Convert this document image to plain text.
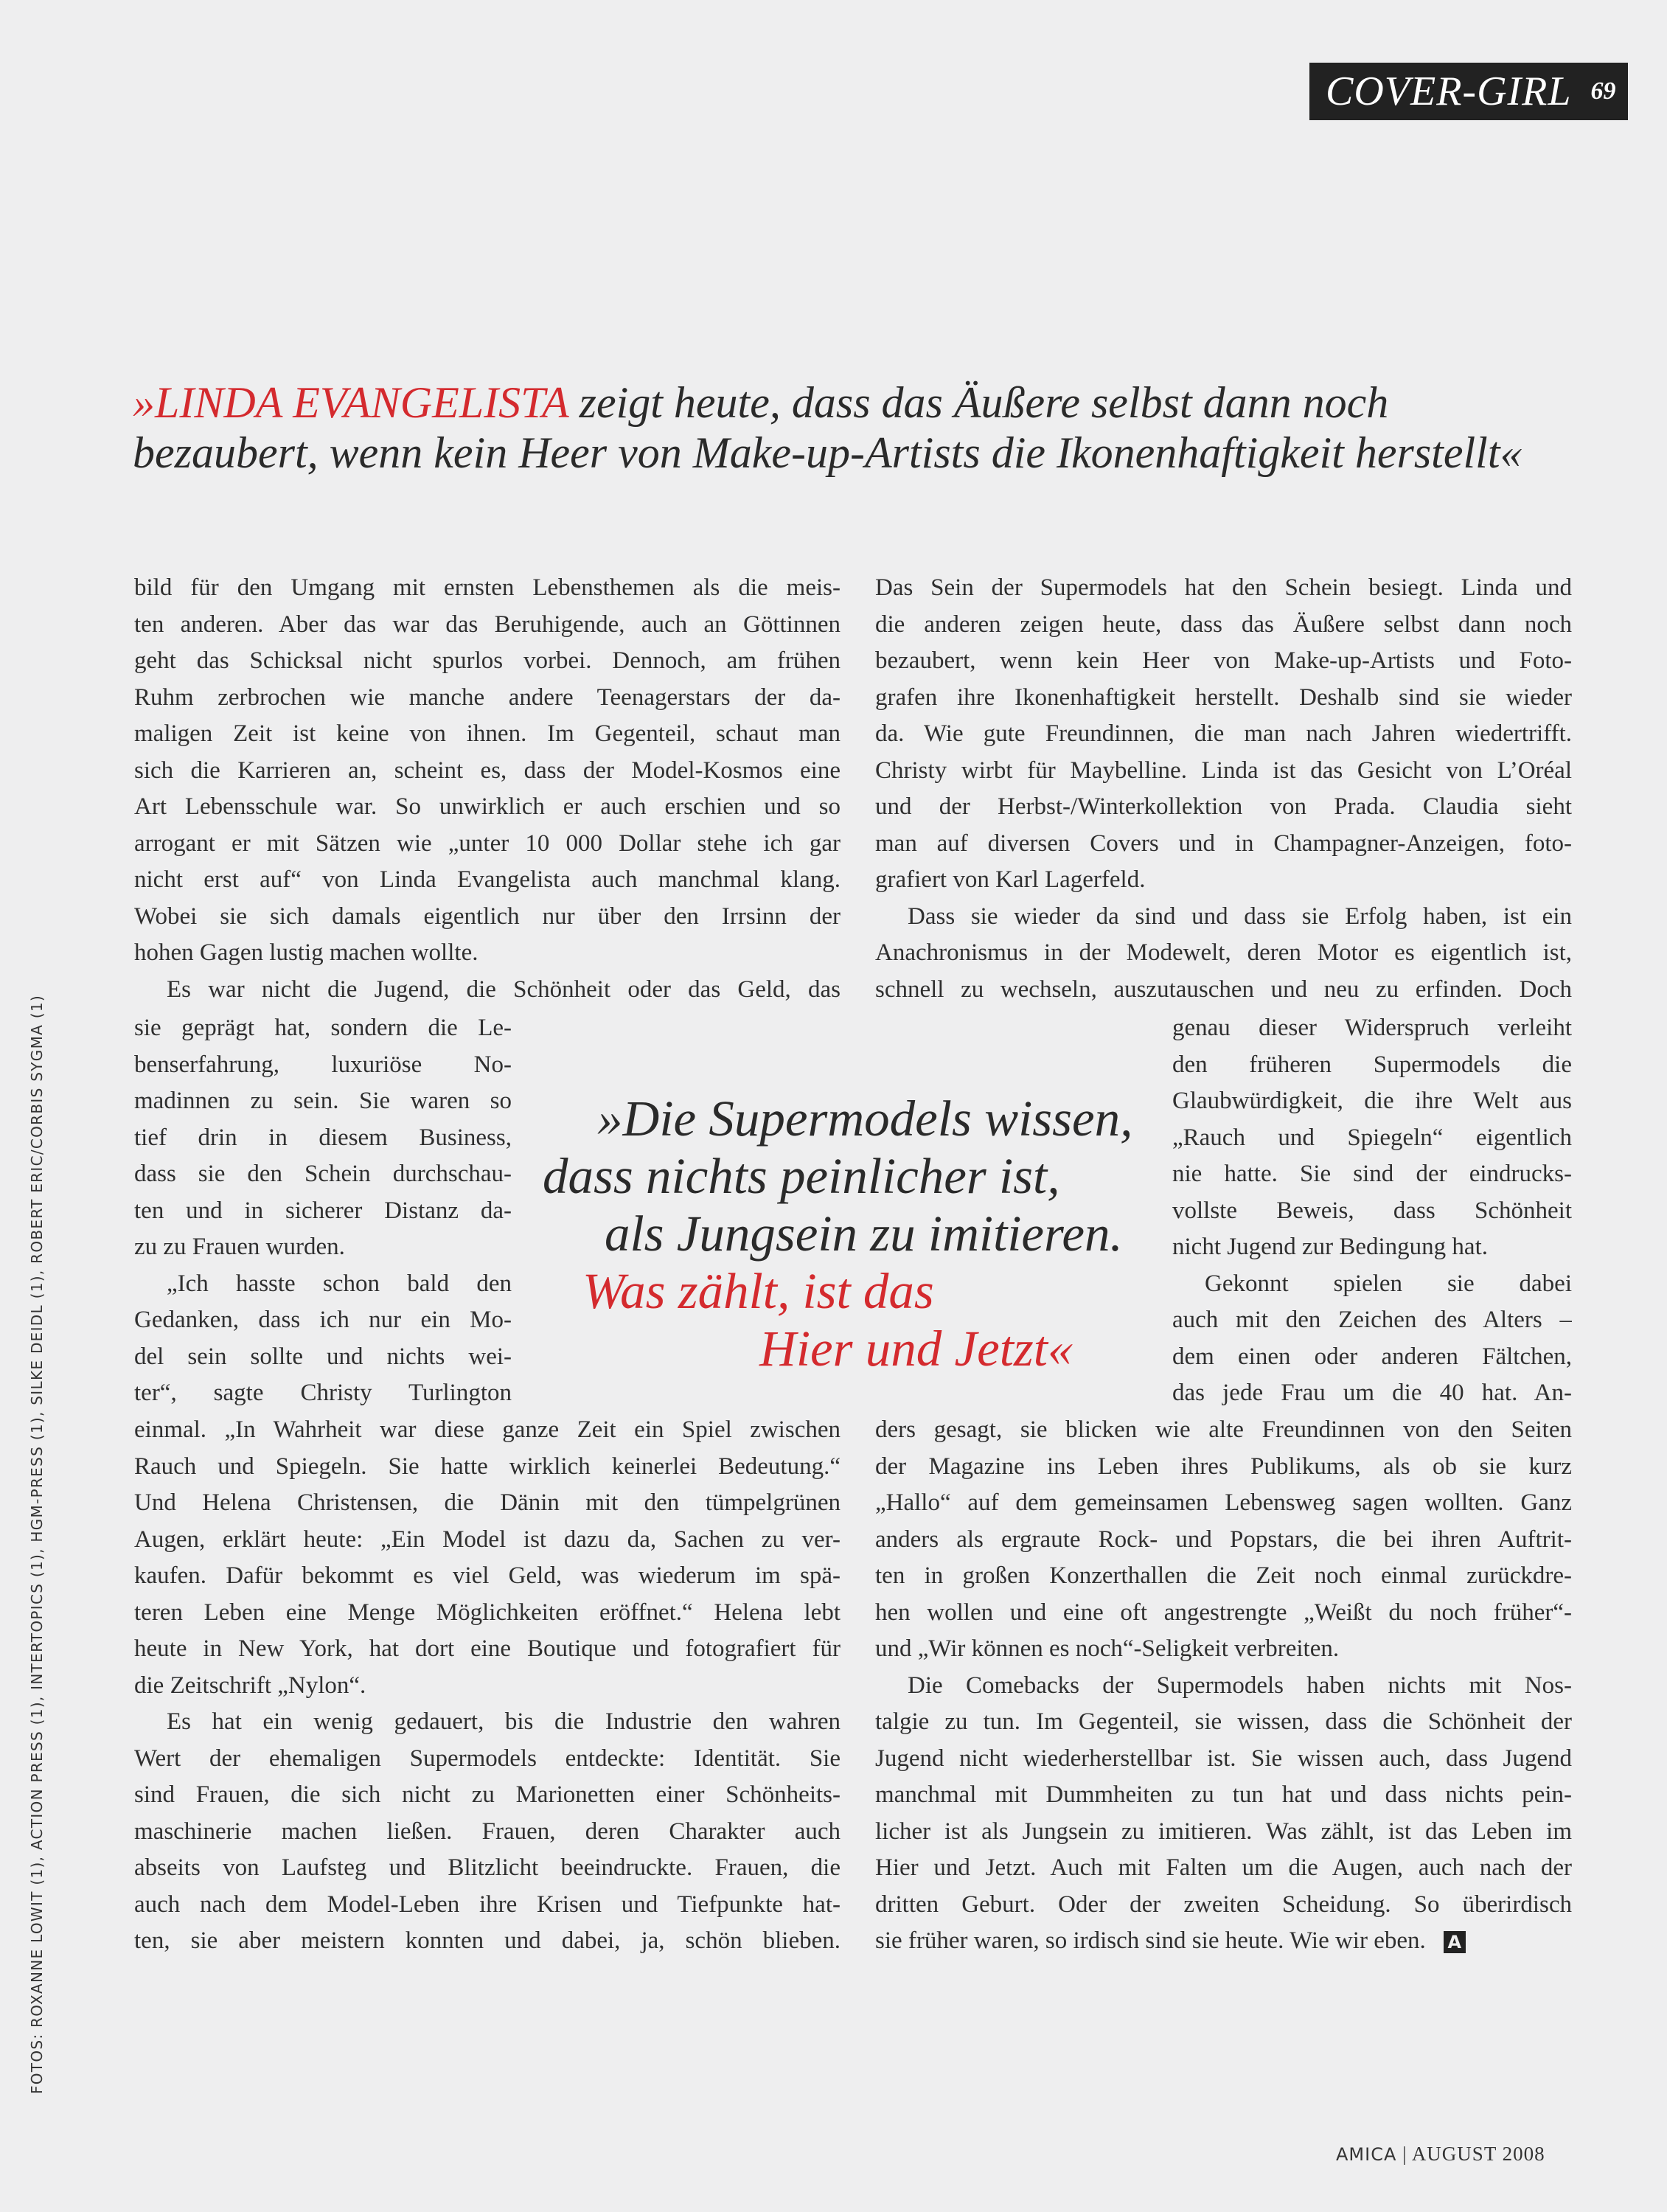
COVER-GIRL 69
»LINDA EVANGELISTA zeigt heute, dass das Äußere selbst dann noch
bezaubert, wenn kein Heer von Make-up-Artists die Ikonenhaftigkeit herstellt«
bild für den Umgang mit ernsten Lebensthemen als die meis-
ten anderen. Aber das war das Beruhigende, auch an Göttinnen
geht das Schicksal nicht spurlos vorbei. Dennoch, am frühen
Ruhm zerbrochen wie manche andere Teenagerstars der da-
maligen Zeit ist keine von ihnen. Im Gegenteil, schaut man
sich die Karrieren an, scheint es, dass der Model-Kosmos eine
Art Lebensschule war. So unwirklich er auch erschien und so
arrogant er mit Sätzen wie „unter 10 000 Dollar stehe ich gar
nicht erst auf“ von Linda Evangelista auch manchmal klang.
Wobei sie sich damals eigentlich nur über den Irrsinn der
hohen Gagen lustig machen wollte.
Es war nicht die Jugend, die Schönheit oder das Geld, das
sie geprägt hat, sondern die Le-
benserfahrung, luxuriöse No-
madinnen zu sein. Sie waren so
tief drin in diesem Business,
dass sie den Schein durchschau-
ten und in sicherer Distanz da-
zu zu Frauen wurden.
„Ich hasste schon bald den
Gedanken, dass ich nur ein Mo-
del sein sollte und nichts wei-
ter“, sagte Christy Turlington
einmal. „In Wahrheit war diese ganze Zeit ein Spiel zwischen
Rauch und Spiegeln. Sie hatte wirklich keinerlei Bedeutung.“
Und Helena Christensen, die Dänin mit den tümpelgrünen
Augen, erklärt heute: „Ein Model ist dazu da, Sachen zu ver-
kaufen. Dafür bekommt es viel Geld, was wiederum im spä-
teren Leben eine Menge Möglichkeiten eröffnet.“ Helena lebt
heute in New York, hat dort eine Boutique und fotografiert für
die Zeitschrift „Nylon“.
Es hat ein wenig gedauert, bis die Industrie den wahren
Wert der ehemaligen Supermodels entdeckte: Identität. Sie
sind Frauen, die sich nicht zu Marionetten einer Schönheits-
maschinerie machen ließen. Frauen, deren Charakter auch
abseits von Laufsteg und Blitzlicht beeindruckte. Frauen, die
auch nach dem Model-Leben ihre Krisen und Tiefpunkte hat-
ten, sie aber meistern konnten und dabei, ja, schön blieben.
»Die Supermodels wissen,
dass nichts peinlicher ist,
als Jungsein zu imitieren.
Was zählt, ist das
Hier und Jetzt«
Das Sein der Supermodels hat den Schein besiegt. Linda und
die anderen zeigen heute, dass das Äußere selbst dann noch
bezaubert, wenn kein Heer von Make-up-Artists und Foto-
grafen ihre Ikonenhaftigkeit herstellt. Deshalb sind sie wieder
da. Wie gute Freundinnen, die man nach Jahren wiedertrifft.
Christy wirbt für Maybelline. Linda ist das Gesicht von L’Oréal
und der Herbst-/Winterkollektion von Prada. Claudia sieht
man auf diversen Covers und in Champagner-Anzeigen, foto-
grafiert von Karl Lagerfeld.
Dass sie wieder da sind und dass sie Erfolg haben, ist ein
Anachronismus in der Modewelt, deren Motor es eigentlich ist,
schnell zu wechseln, auszutauschen und neu zu erfinden. Doch
genau dieser Widerspruch verleiht
den früheren Supermodels die
Glaubwürdigkeit, die ihre Welt aus
„Rauch und Spiegeln“ eigentlich
nie hatte. Sie sind der eindrucks-
vollste Beweis, dass Schönheit
nicht Jugend zur Bedingung hat.
Gekonnt spielen sie dabei
auch mit den Zeichen des Alters –
dem einen oder anderen Fältchen,
das jede Frau um die 40 hat. An-
ders gesagt, sie blicken wie alte Freundinnen von den Seiten
der Magazine ins Leben ihres Publikums, als ob sie kurz
„Hallo“ auf dem gemeinsamen Lebensweg sagen wollten. Ganz
anders als ergraute Rock- und Popstars, die bei ihren Auftrit-
ten in großen Konzerthallen die Zeit noch einmal zurückdre-
hen wollen und eine oft angestrengte „Weißt du noch früher“-
und „Wir können es noch“-Seligkeit verbreiten.
Die Comebacks der Supermodels haben nichts mit Nos-
talgie zu tun. Im Gegenteil, sie wissen, dass die Schönheit der
Jugend nicht wiederherstellbar ist. Sie wissen auch, dass Jugend
manchmal mit Dummheiten zu tun hat und dass nichts pein-
licher ist als Jungsein zu imitieren. Was zählt, ist das Leben im
Hier und Jetzt. Auch mit Falten um die Augen, auch nach der
dritten Geburt. Oder der zweiten Scheidung. So überirdisch
sie früher waren, so irdisch sind sie heute. Wie wir eben. A
FOTOS: ROXANNE LOWIT (1), ACTION PRESS (1), INTERTOPICS (1), HGM-PRESS (1), SILKE DEIDL (1), ROBERT ERIC/CORBIS SYGMA (1)
AMICA | AUGUST 2008
